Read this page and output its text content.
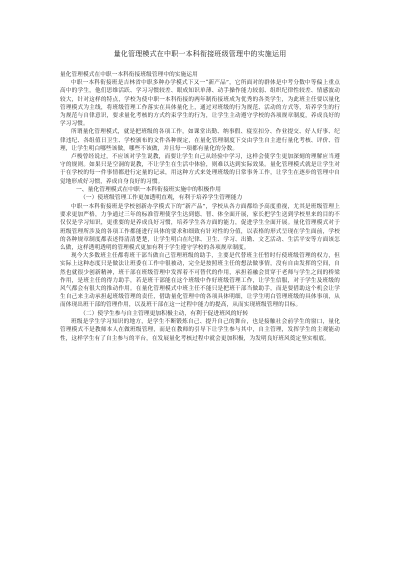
量化管理模式在中职一本科衔接班级管理中的实施运用

量化管理模式在中职一本科衔接班级管理中的实施运用

中职一本科衔接班是吉林省中职多种办学模式下又一“新产品”，它所面对的群体是中考分数中等偏上重点高中的学生，他们思维活跃、学习习惯较差、眼成知识单薄、动手操作能力较弱、组织纪律性较差、情感波动较大，针对这样的特点，学校为使中职一本科衔接的两年制衔接班成为优秀的各类学生，为此班主任要以量化管理模式为主线，将班级管理工作落实在具体量化上，通过对班级的行为规范、活动的方式等，培养学生的行为规范与自律意识，要求量化考核的方式约束学生的行为，让学生主动遵守学校的各项规章制度，养成良好的学习习惯。

所谓量化管理模式，就是把班级的各项工作，如课堂出勤、纳事假、寝室扣分、作业提交、好人好事、纪律违纪、各组值日卫生、学校颁布的文件各种规定，在量化管理制度下交由学生自主进行量化考核、评价、管理，让学生明白哪些该做，哪些不该做，并且每一项都有量化的分数。

卢梭曾经说过，不应该对学生说教，而要让学生自己从经验中学习，这样会使学生更加深刻的理解应当遵守的规则。如果只是空洞的说教，不让学生在生活中体验，则难以达到实际效果。量化管理模式就是让学生对于在学校的每一件事情都进行定量的记录，用这种方式来处理班级的日常事务工作，让学生在逐步的管理中自觉地形成好习惯，养成自身良好的习惯。

一、量化管理模式在中职一本科衔接班实施中的积极作用
（一）使班级管理工作更加透明直观，有利于培养学生管理能力

中职一本科衔接班是学校创新办学模式下的“新产品”，学校从各方面都给予高度重视，尤其是班级管理上要求更加严格，力争通过三年的标准管理使学生达到德、智、体全面开展，家长把学生送到学校里来的目的不仅仅是学习知识，更重要的是养成良好习惯，培养学生各方面的能力，促进学生全面开展。量化管理模式对于班级管理所涉及的各项工作都能进行具体的要求和细致有针对性的分值，以表格的形式呈现在学生面前，学校的各种规章制度都表述得清清楚楚，让学生明白在纪律、卫生、学习、出勤、文艺活动、生活平安等方面该怎么做，这样透明透明的管理模式更加有利于学生遵守学校的各项规章制度。

现今大多数班主任都将班干部当做自己管理班级的助手，主要是代替班主任暂时行使班级管理的权力，但实际上这种态度只是做法让班委在工作中很被动，完全是按照班主任的想法做事情，没有自由发挥的空间，自然也就很少创新精神，班干部在班级管理中发挥着不可替代的作用，承担着融会贯穿于老师与学生之间的桥梁作用，是班主任的得力助手，若是班干部能在这个班级中作好班级管理工作，让学生信服，对于学生及班级的风气都会有很大的推动作用。在量化管理模式中班主任不能只是把班干部当做助手，而是要借助这个机会让学生自己来主动承担起班级管理的责任，借助量化管理中的各项具体明细，让学生明白管理班级的具体事项，从而体现出班干部的管理作用，以及班干部在这一过程中能力的提高，从而实现班级管理的目标。

（二）使学生参与自主管理更加积极主动，有利于促进班风的好转

班级是学生学习知识的地方，是学生不断锻炼自己、提升自己的舞台，也是接触社会前学生的窗口，量化管理模式不是教师本人在做班级管理，而是在教师的引导下让学生参与其中，自主管理，发挥学生的主观能动性，这样学生有了自主参与的平台，在发展量化考核过程中就会更加积极，为发明良好班风奠定坚实根底。
